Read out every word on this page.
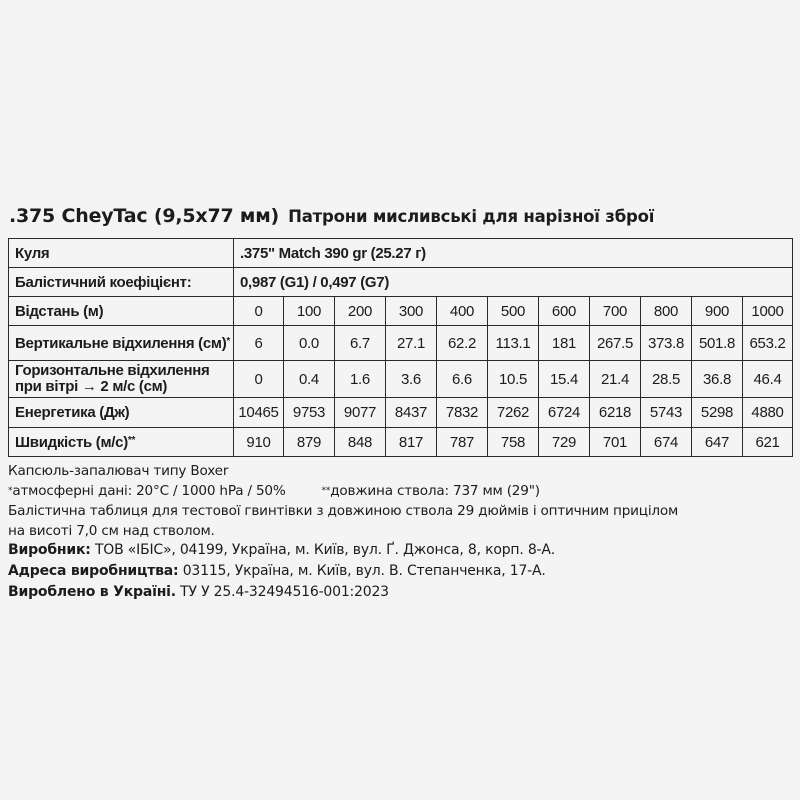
.375 CheyTac (9,5x77 мм) Патрони мисливські для нарізної зброї
Куля	.375" Match 390 gr (25.27 г)										
Балістичний коефіцієнт:	0,987 (G1) / 0,497 (G7)										
Відстань (м)	0	100	200	300	400	500	600	700	800	900	1000
Вертикальне відхилення (см)*	6	0.0	6.7	27.1	62.2	113.1	181	267.5	373.8	501.8	653.2
Горизонтальне відхилення при вітрі → 2 м/с (см)	0	0.4	1.6	3.6	6.6	10.5	15.4	21.4	28.5	36.8	46.4
Енергетика (Дж)	10465	9753	9077	8437	7832	7262	6724	6218	5743	5298	4880
Швидкість (м/с)**	910	879	848	817	787	758	729	701	674	647	621
Капсюль-запалювач типу Boxer
*атмосферні дані: 20°C / 1000 hPa / 50%	**довжина ствола: 737 мм (29")
Балістична таблиця для тестової гвинтівки з довжиною ствола 29 дюймів і оптичним прицілом
на висоті 7,0 см над стволом.
Виробник: ТОВ «ІБІС», 04199, Україна, м. Київ, вул. Ґ. Джонса, 8, корп. 8-А.
Адреса виробництва: 03115, Україна, м. Київ, вул. В. Степанченка, 17-А.
Вироблено в Україні. ТУ У 25.4-32494516-001:2023
